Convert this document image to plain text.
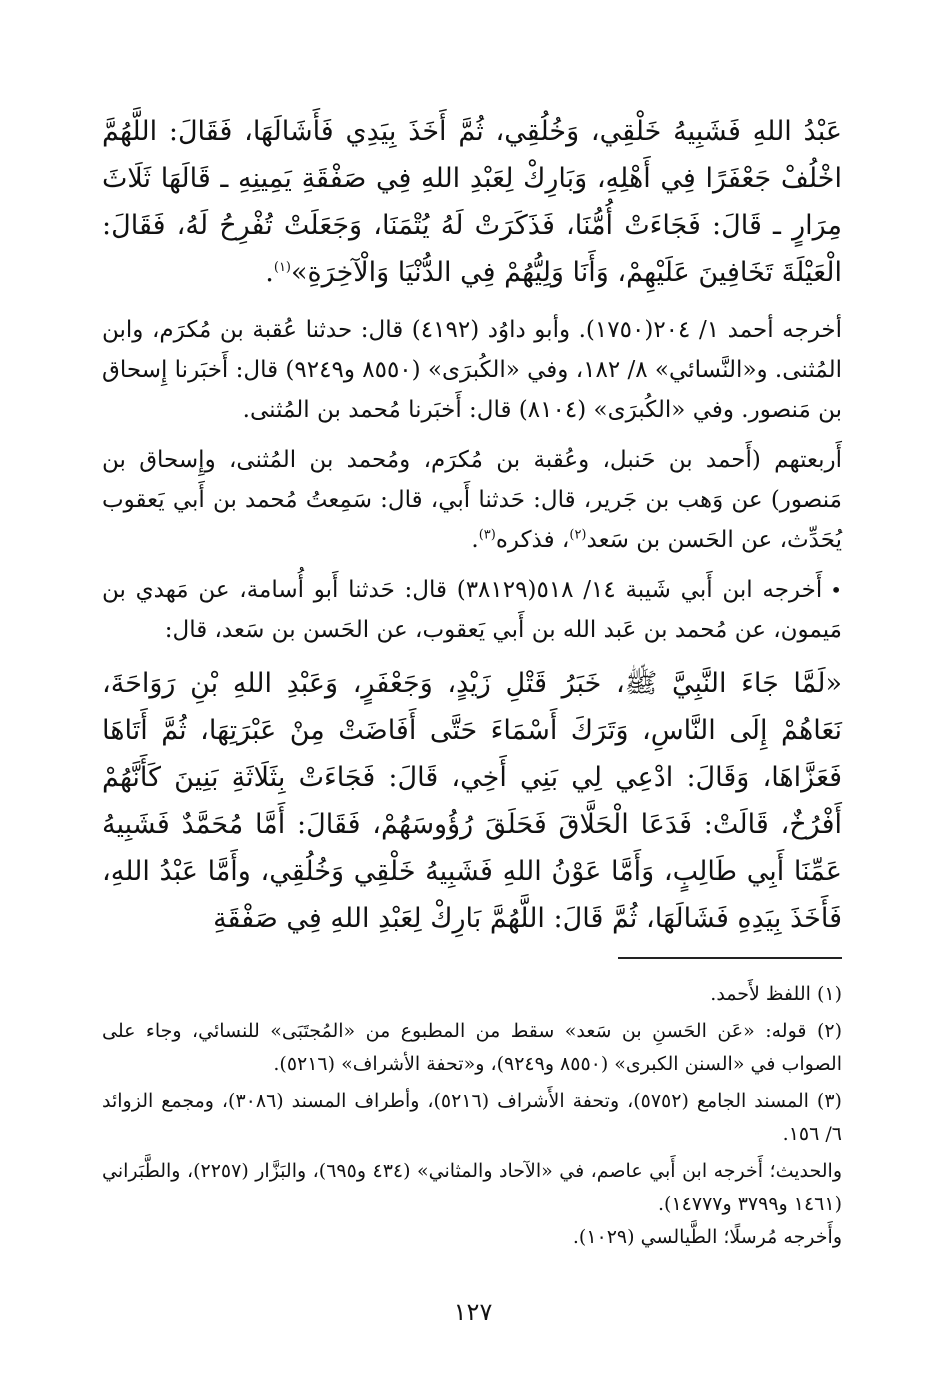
عَبْدُ اللهِ فَشَبِيهُ خَلْقِي، وَخُلُقِي، ثُمَّ أَخَذَ بِيَدِي فَأَشَالَهَا، فَقَالَ: اللَّهُمَّ اخْلُفْ جَعْفَرًا فِي أَهْلِهِ، وَبَارِكْ لِعَبْدِ اللهِ فِي صَفْقَةِ يَمِينِهِ ـ قَالَهَا ثَلَاثَ مِرَارٍ ـ قَالَ: فَجَاءَتْ أُمُّنَا، فَذَكَرَتْ لَهُ يُتْمَنَا، وَجَعَلَتْ تُفْرِحُ لَهُ، فَقَالَ: الْعَيْلَةَ تَخَافِينَ عَلَيْهِمْ، وَأَنَا وَلِيُّهُمْ فِي الدُّنْيَا وَالْآخِرَةِ»$^{(١)}$.

أخرجه أحمد ١/ ٢٠٤(١٧٥٠). وأبو داوُد (٤١٩٢) قال: حدثنا عُقبة بن مُكرَم، وابن المُثنى. و«النَّسائي» ٨/ ١٨٢، وفي «الكُبرَى» (٨٥٥٠ و٩٢٤٩) قال: أَخبَرنا إِسحاق بن مَنصور. وفي «الكُبرَى» (٨١٠٤) قال: أَخبَرنا مُحمد بن المُثنى.

أَربعتهم (أَحمد بن حَنبل، وعُقبة بن مُكرَم، ومُحمد بن المُثنى، وإِسحاق بن مَنصور) عن وَهب بن جَرير، قال: حَدثنا أَبي، قال: سَمِعتُ مُحمد بن أَبي يَعقوب يُحَدِّث، عن الحَسن بن سَعد$^{(٢)}$، فذكره$^{(٣)}$.

•أَخرجه ابن أَبي شَيبة ١٤/ ٥١٨(٣٨١٢٩) قال: حَدثنا أَبو أُسامة، عن مَهدي بن مَيمون، عن مُحمد بن عَبد الله بن أَبي يَعقوب، عن الحَسن بن سَعد، قال:

«لَمَّا جَاءَ النَّبِيَّ ﷺ، خَبَرُ قَتْلِ زَيْدٍ، وَجَعْفَرٍ، وَعَبْدِ اللهِ بْنِ رَوَاحَةَ، نَعَاهُمْ إِلَى النَّاسِ، وَتَرَكَ أَسْمَاءَ حَتَّى أَفَاضَتْ مِنْ عَبْرَتِهَا، ثُمَّ أَتَاهَا فَعَزَّاهَا، وَقَالَ: ادْعِي لِي بَنِي أَخِي، قَالَ: فَجَاءَتْ بِثَلَاثَةِ بَنِينَ كَأَنَّهُمْ أَفْرُخٌ، قَالَتْ: فَدَعَا الْحَلَّاقَ فَحَلَقَ رُؤُوسَهُمْ، فَقَالَ: أَمَّا مُحَمَّدٌ فَشَبِيهُ عَمِّنَا أَبِي طَالِبٍ، وَأَمَّا عَوْنُ اللهِ فَشَبِيهُ خَلْقِي وَخُلُقِي، وأَمَّا عَبْدُ اللهِ، فَأَخَذَ بِيَدِهِ فَشَالَهَا، ثُمَّ قَالَ: اللَّهُمَّ بَارِكْ لِعَبْدِ اللهِ فِي صَفْقَةِ

(١) اللفظ لأَحمد.

(٢) قوله: «عَن الحَسنِ بن سَعد» سقط من المطبوع من «المُجتَبَى» للنسائي، وجاء على الصواب في «السنن الكبرى» (٨٥٥٠ و٩٢٤٩)، و«تحفة الأشراف» (٥٢١٦).

(٣) المسند الجامع (٥٧٥٢)، وتحفة الأَشراف (٥٢١٦)، وأطراف المسند (٣٠٨٦)، ومجمع الزوائد ٦/ ١٥٦.

والحديث؛ أَخرجه ابن أَبي عاصم، في «الآحاد والمثاني» (٤٣٤ و٦٩٥)، والبَزَّار (٢٢٥٧)، والطَّبَراني (١٤٦١ و٣٧٩٩ و١٤٧٧٧).

وأَخرجه مُرسلًا؛ الطَّيالسي (١٠٢٩).

١٢٧
